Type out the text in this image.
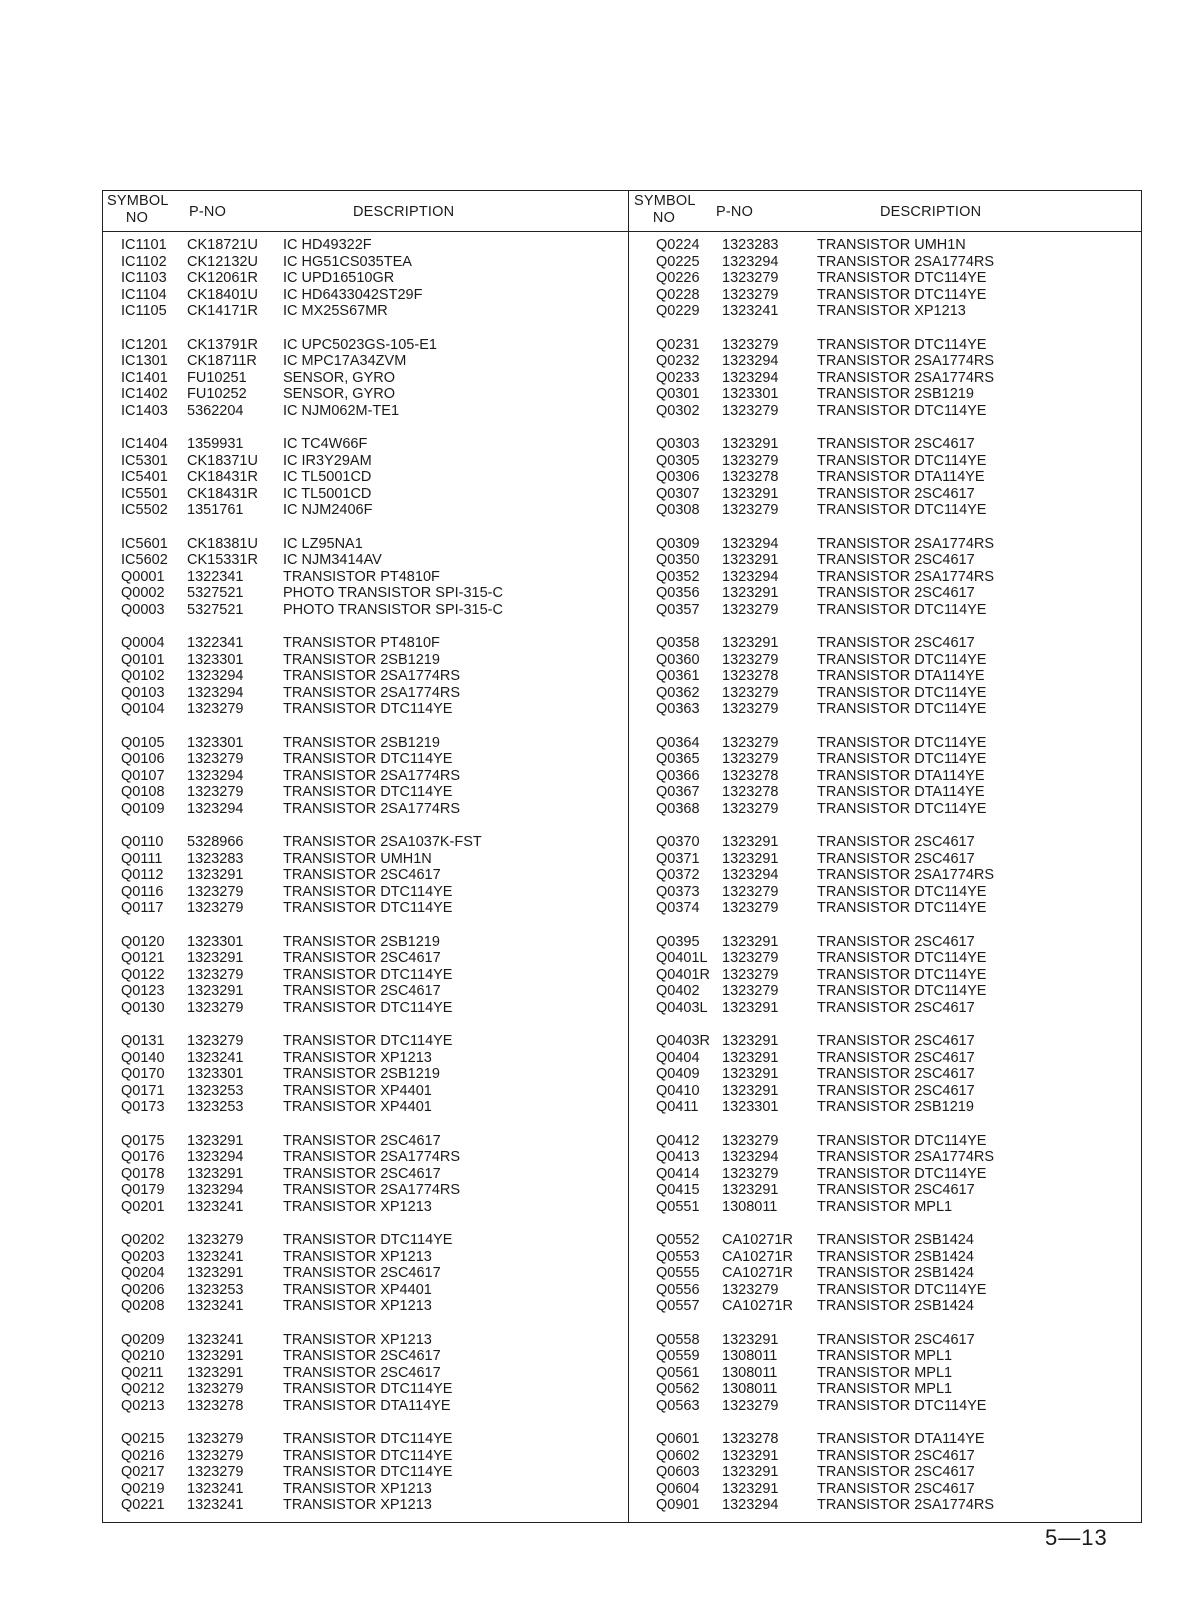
SYMBOL
NO	P-NO	DESCRIPTION
IC1101 CK18721U IC HD49322F
IC1102 CK12132U IC HG51CS035TEA
IC1103 CK12061R IC UPD16510GR
IC1104 CK18401U IC HD6433042ST29F
IC1105 CK14171R IC MX25S67MR
IC1201 CK13791R IC UPC5023GS-105-E1
IC1301 CK18711R IC MPC17A34ZVM
IC1401 FU10251	SENSOR, GYRO
IC1402 FU10252	SENSOR, GYRO
IC1403 5362204	IC NJM062M-TE1
IC1404 1359931	IC TC4W66F
IC5301 CK18371U IC IR3Y29AM
IC5401 CK18431R IC TL5001CD
IC5501 CK18431R IC TL5001CD
IC5502 1351761	IC NJM2406F
IC5601 CK18381U IC LZ95NA1
IC5602 CK15331R IC NJM3414AV
Q0001 1322341	TRANSISTOR PT4810F
Q0002 5327521	PHOTO TRANSISTOR SPI-315-C
Q0003 5327521	PHOTO TRANSISTOR SPI-315-C
Q0004 1322341	TRANSISTOR PT4810F
Q0101 1323301	TRANSISTOR 2SB1219
Q0102 1323294	TRANSISTOR 2SA1774RS
Q0103 1323294	TRANSISTOR 2SA1774RS
Q0104 1323279	TRANSISTOR DTC114YE
Q0105 1323301	TRANSISTOR 2SB1219
Q0106 1323279	TRANSISTOR DTC114YE
Q0107 1323294	TRANSISTOR 2SA1774RS
Q0108 1323279	TRANSISTOR DTC114YE
Q0109 1323294	TRANSISTOR 2SA1774RS
Q0110 5328966	TRANSISTOR 2SA1037K-FST
Q0111 1323283	TRANSISTOR UMH1N
Q0112 1323291	TRANSISTOR 2SC4617
Q0116 1323279	TRANSISTOR DTC114YE
Q0117 1323279	TRANSISTOR DTC114YE
Q0120 1323301	TRANSISTOR 2SB1219
Q0121 1323291	TRANSISTOR 2SC4617
Q0122 1323279	TRANSISTOR DTC114YE
Q0123 1323291	TRANSISTOR 2SC4617
Q0130 1323279	TRANSISTOR DTC114YE
Q0131 1323279	TRANSISTOR DTC114YE
Q0140 1323241	TRANSISTOR XP1213
Q0170 1323301	TRANSISTOR 2SB1219
Q0171 1323253	TRANSISTOR XP4401
Q0173 1323253	TRANSISTOR XP4401
Q0175 1323291	TRANSISTOR 2SC4617
Q0176 1323294	TRANSISTOR 2SA1774RS
Q0178 1323291	TRANSISTOR 2SC4617
Q0179 1323294	TRANSISTOR 2SA1774RS
Q0201 1323241	TRANSISTOR XP1213
Q0202 1323279	TRANSISTOR DTC114YE
Q0203 1323241	TRANSISTOR XP1213
Q0204 1323291	TRANSISTOR 2SC4617
Q0206 1323253	TRANSISTOR XP4401
Q0208 1323241	TRANSISTOR XP1213
Q0209 1323241	TRANSISTOR XP1213
Q0210 1323291	TRANSISTOR 2SC4617
Q0211 1323291	TRANSISTOR 2SC4617
Q0212 1323279	TRANSISTOR DTC114YE
Q0213 1323278	TRANSISTOR DTA114YE
Q0215 1323279	TRANSISTOR DTC114YE
Q0216 1323279	TRANSISTOR DTC114YE
Q0217 1323279	TRANSISTOR DTC114YE
Q0219 1323241	TRANSISTOR XP1213
Q0221 1323241	TRANSISTOR XP1213
SYMBOL
NO	P-NO	DESCRIPTION
Q0224 1323283	TRANSISTOR UMH1N
Q0225 1323294	TRANSISTOR 2SA1774RS
Q0226 1323279	TRANSISTOR DTC114YE
Q0228 1323279	TRANSISTOR DTC114YE
Q0229 1323241	TRANSISTOR XP1213
Q0231 1323279	TRANSISTOR DTC114YE
Q0232 1323294	TRANSISTOR 2SA1774RS
Q0233 1323294	TRANSISTOR 2SA1774RS
Q0301 1323301	TRANSISTOR 2SB1219
Q0302 1323279	TRANSISTOR DTC114YE
Q0303 1323291	TRANSISTOR 2SC4617
Q0305 1323279	TRANSISTOR DTC114YE
Q0306 1323278	TRANSISTOR DTA114YE
Q0307 1323291	TRANSISTOR 2SC4617
Q0308 1323279	TRANSISTOR DTC114YE
Q0309 1323294	TRANSISTOR 2SA1774RS
Q0350 1323291	TRANSISTOR 2SC4617
Q0352 1323294	TRANSISTOR 2SA1774RS
Q0356 1323291	TRANSISTOR 2SC4617
Q0357 1323279	TRANSISTOR DTC114YE
Q0358 1323291	TRANSISTOR 2SC4617
Q0360 1323279	TRANSISTOR DTC114YE
Q0361 1323278	TRANSISTOR DTA114YE
Q0362 1323279	TRANSISTOR DTC114YE
Q0363 1323279	TRANSISTOR DTC114YE
Q0364 1323279	TRANSISTOR DTC114YE
Q0365 1323279	TRANSISTOR DTC114YE
Q0366 1323278	TRANSISTOR DTA114YE
Q0367 1323278	TRANSISTOR DTA114YE
Q0368 1323279	TRANSISTOR DTC114YE
Q0370 1323291	TRANSISTOR 2SC4617
Q0371 1323291	TRANSISTOR 2SC4617
Q0372 1323294	TRANSISTOR 2SA1774RS
Q0373 1323279	TRANSISTOR DTC114YE
Q0374 1323279	TRANSISTOR DTC114YE
Q0395 1323291	TRANSISTOR 2SC4617
Q0401L 1323279	TRANSISTOR DTC114YE
Q0401R 1323279	TRANSISTOR DTC114YE
Q0402 1323279	TRANSISTOR DTC114YE
Q0403L 1323291	TRANSISTOR 2SC4617
Q0403R 1323291	TRANSISTOR 2SC4617
Q0404 1323291	TRANSISTOR 2SC4617
Q0409 1323291	TRANSISTOR 2SC4617
Q0410 1323291	TRANSISTOR 2SC4617
Q0411 1323301	TRANSISTOR 2SB1219
Q0412 1323279	TRANSISTOR DTC114YE
Q0413 1323294	TRANSISTOR 2SA1774RS
Q0414 1323279	TRANSISTOR DTC114YE
Q0415 1323291	TRANSISTOR 2SC4617
Q0551 1308011	TRANSISTOR MPL1
Q0552 CA10271R TRANSISTOR 2SB1424
Q0553 CA10271R TRANSISTOR 2SB1424
Q0555 CA10271R TRANSISTOR 2SB1424
Q0556 1323279	TRANSISTOR DTC114YE
Q0557 CA10271R TRANSISTOR 2SB1424
Q0558 1323291	TRANSISTOR 2SC4617
Q0559 1308011	TRANSISTOR MPL1
Q0561 1308011	TRANSISTOR MPL1
Q0562 1308011	TRANSISTOR MPL1
Q0563 1323279	TRANSISTOR DTC114YE
Q0601 1323278	TRANSISTOR DTA114YE
Q0602 1323291	TRANSISTOR 2SC4617
Q0603 1323291	TRANSISTOR 2SC4617
Q0604 1323291	TRANSISTOR 2SC4617
Q0901 1323294	TRANSISTOR 2SA1774RS
5—13
